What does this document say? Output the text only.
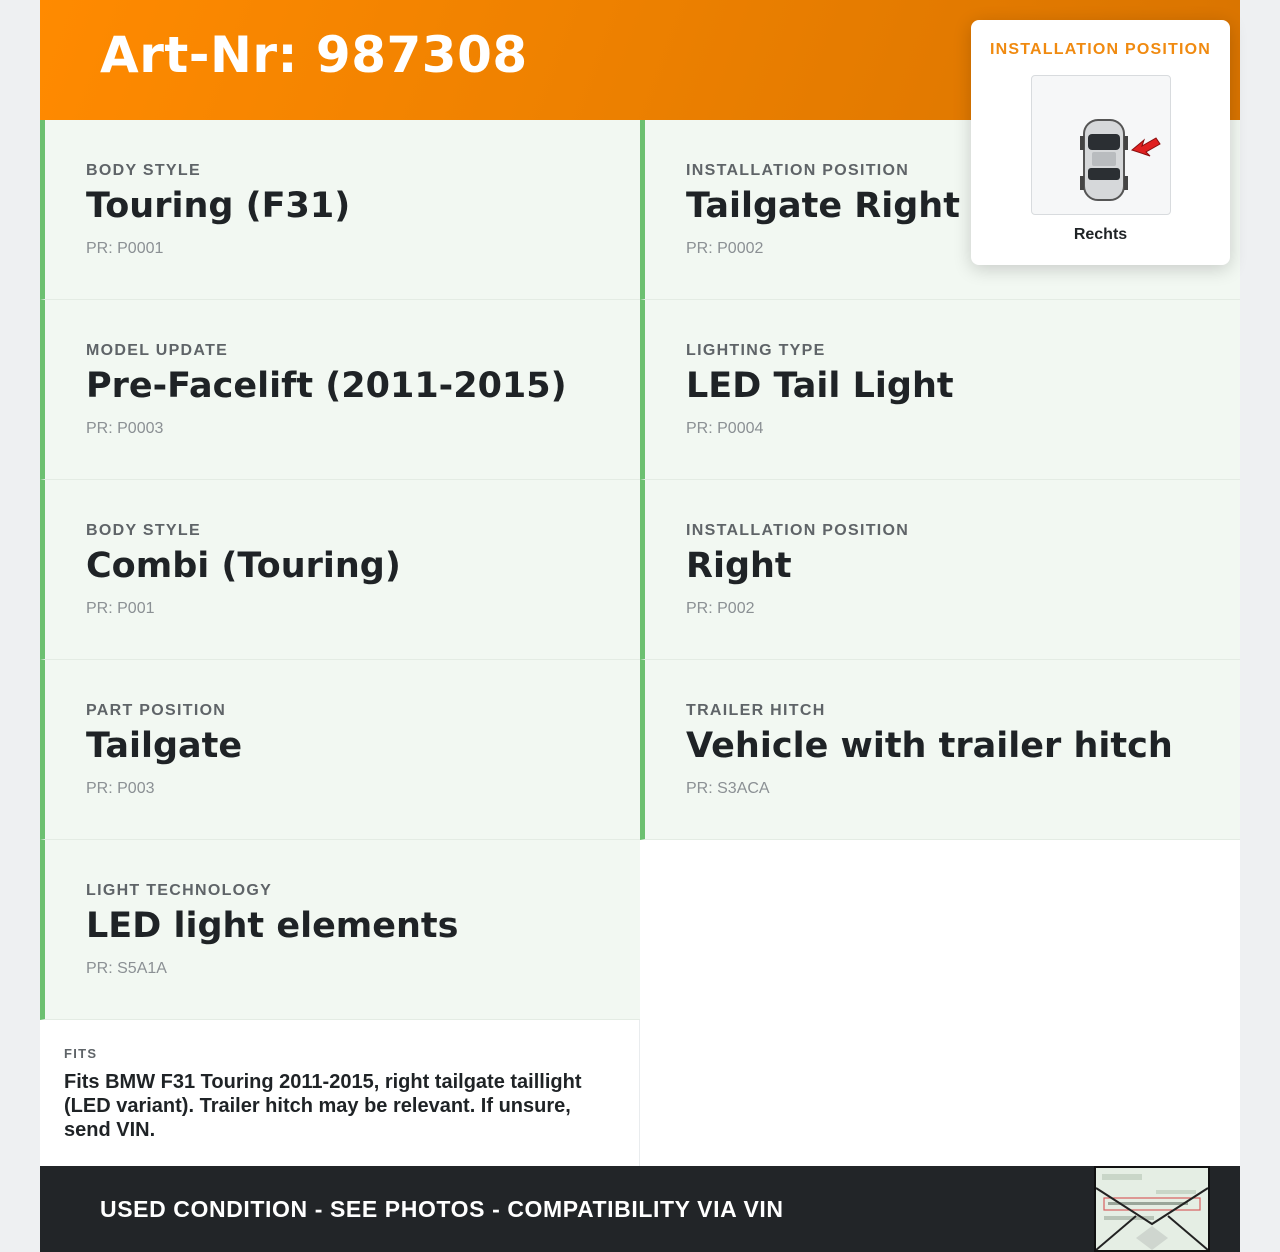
Art-Nr: 987308
BODY STYLE
Touring (F31)
PR: P0001
INSTALLATION POSITION
Tailgate Right
PR: P0002
MODEL UPDATE
Pre-Facelift (2011-2015)
PR: P0003
LIGHTING TYPE
LED Tail Light
PR: P0004
BODY STYLE
Combi (Touring)
PR: P001
INSTALLATION POSITION
Right
PR: P002
PART POSITION
Tailgate
PR: P003
TRAILER HITCH
Vehicle with trailer hitch
PR: S3ACA
LIGHT TECHNOLOGY
LED light elements
PR: S5A1A
FITS
Fits BMW F31 Touring 2011-2015, right tailgate taillight (LED variant). Trailer hitch may be relevant. If unsure, send VIN.
USED CONDITION - SEE PHOTOS - COMPATIBILITY VIA VIN
INSTALLATION POSITION
Rechts
